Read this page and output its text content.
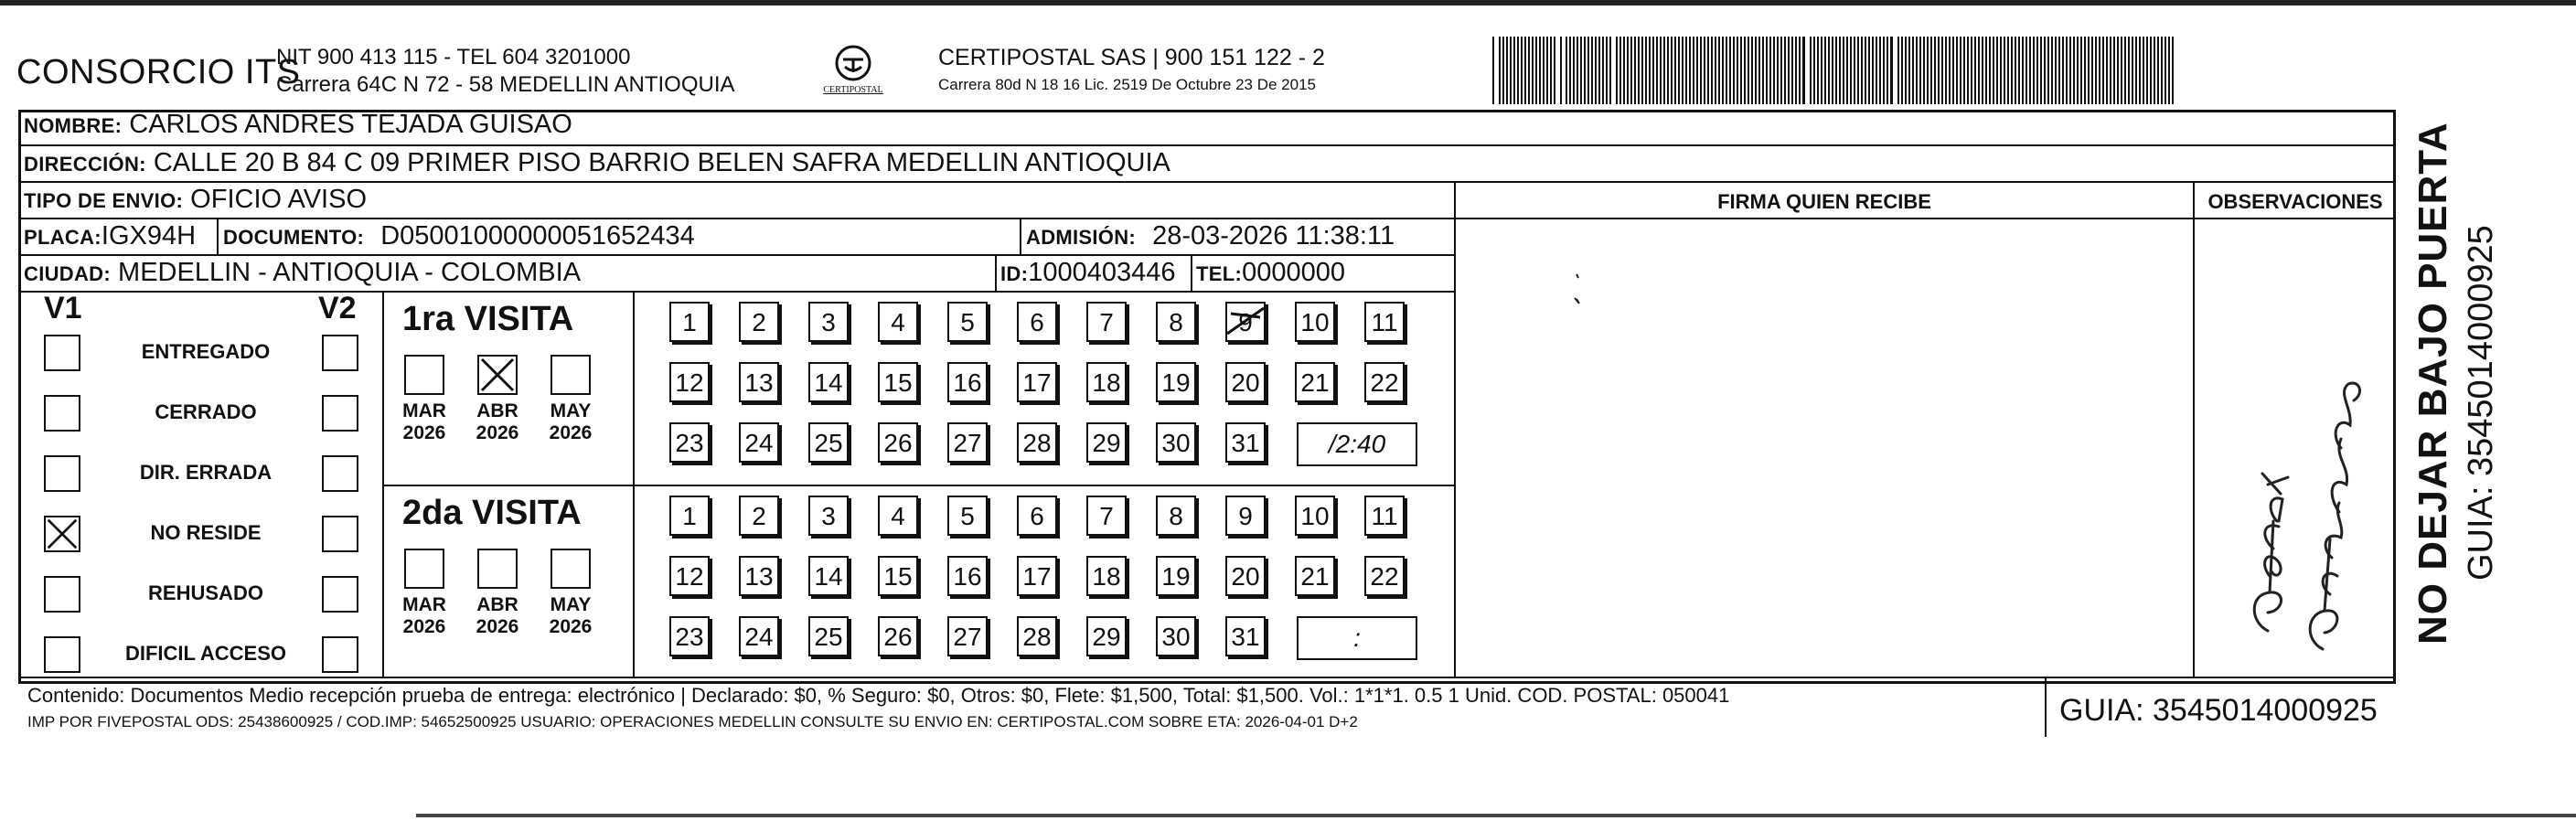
CONSORCIO ITS
NIT 900 413 115 - TEL 604 3201000
Carrera 64C N 72 - 58 MEDELLIN ANTIOQUIA	CERTIPOSTAL
CERTIPOSTAL SAS | 900 151 122 - 2
Carrera 80d N 18 16 Lic. 2519 De Octubre 23 De 2015
NOMBRE: CARLOS ANDRES TEJADA GUISAO
DIRECCIÓN: CALLE 20 B 84 C 09 PRIMER PISO BARRIO BELEN SAFRA MEDELLIN ANTIOQUIA
TIPO DE ENVIO: OFICIO AVISO	FIRMA QUIEN RECIBE	OBSERVACIONES
PLACA:IGX94H DOCUMENTO: D05001000000051652434	ADMISIÓN: 28-03-2026 11:38:11
CIUDAD: MEDELLIN - ANTIOQUIA - COLOMBIA	ID:1000403446 TEL:0000000
V1	V2 1ra VISITA
2da VISITA
Contenido: Documentos Medio recepción prueba de entrega: electrónico | Declarado: $0, % Seguro: $0, Otros: $0, Flete: $1,500, Total: $1,500. Vol.: 1*1*1. 0.5 1 Unid. COD. POSTAL: 050041
IMP POR FIVEPOSTAL ODS: 25438600925 / COD.IMP: 54652500925 USUARIO: OPERACIONES MEDELLIN CONSULTE SU ENVIO EN: CERTIPOSTAL.COM SOBRE ETA: 2026-04-01 D+2	GUIA: 3545014000925
NO DEJAR BAJO PUERTA GUIA: 3545014000925
ENTREGADO
CERRADO
DIR. ERRADA
NO RESIDE
REHUSADO
DIFICIL ACCESO
MAR
2026
ABR
2026
MAY
2026
1	2	3	4	5	6	7	8	9	10 11
12 13 14 15 16 17 18 19 20 21 22
23 24 25 26 27 28 29 30 31	/2:40
MAR
2026
ABR
2026
MAY
2026
1	2	3	4	5	6	7	8	9	10 11
12 13 14 15 16 17 18 19 20 21 22
23 24 25 26 27 28 29 30 31	:
